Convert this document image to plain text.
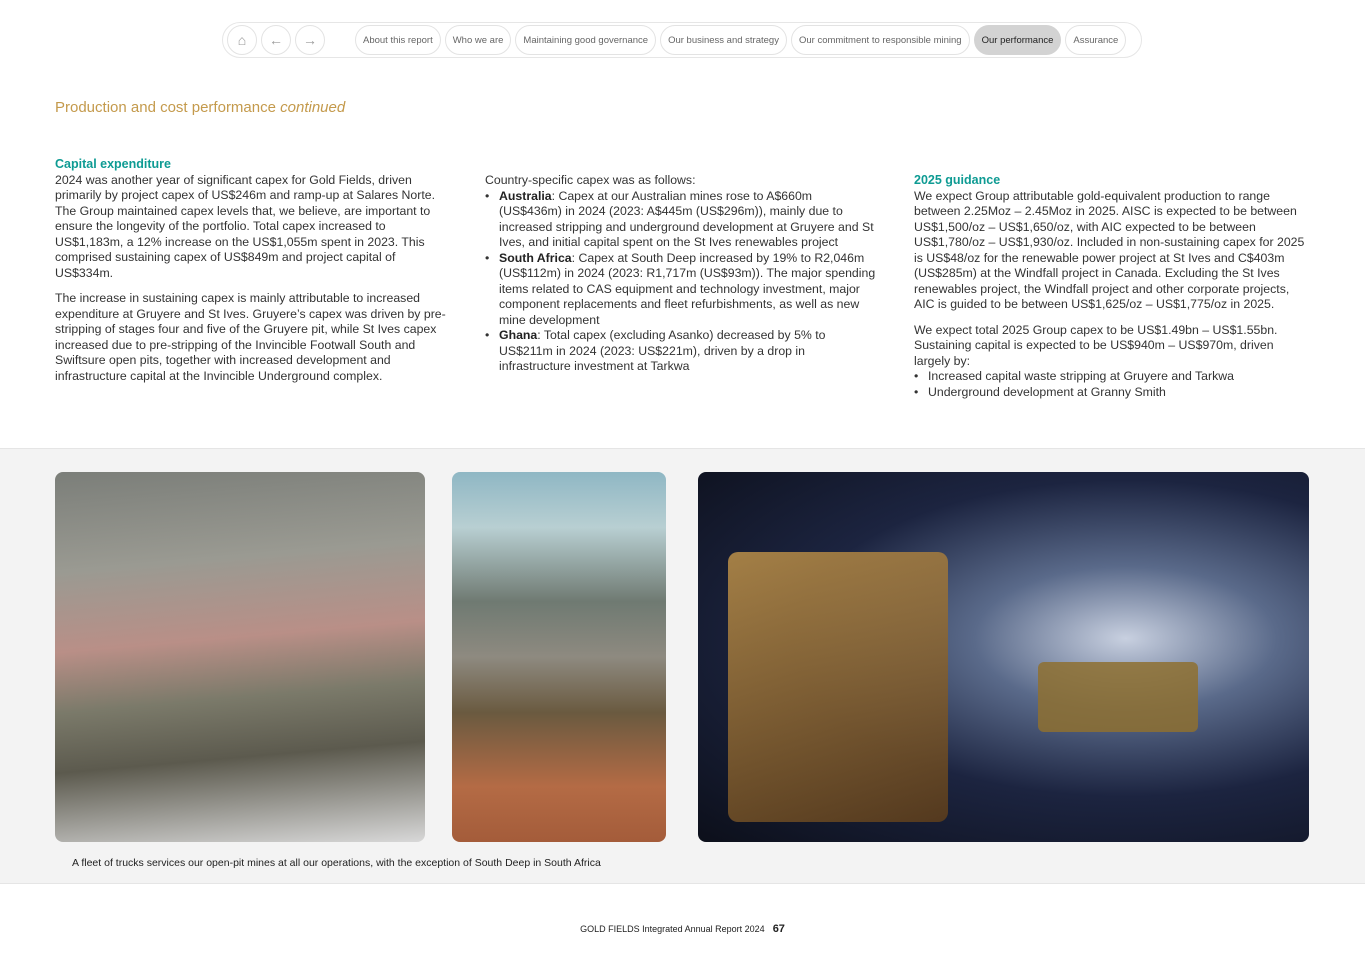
⌂ ← →	About this report	Who we are	Maintaining good governance	Our business and strategy	Our commitment to responsible mining	Our performance	Assurance
Production and cost performance continued
Capital expenditure

2024 was another year of significant capex for Gold Fields, driven primarily by project capex of US$246m and ramp-up at Salares Norte. The Group maintained capex levels that, we believe, are important to ensure the longevity of the portfolio. Total capex increased to US$1,183m, a 12% increase on the US$1,055m spent in 2023. This comprised sustaining capex of US$849m and project capital of US$334m.

The increase in sustaining capex is mainly attributable to increased expenditure at Gruyere and St Ives. Gruyere’s capex was driven by pre-stripping of stages four and five of the Gruyere pit, while St Ives capex increased due to pre-stripping of the Invincible Footwall South and Swiftsure open pits, together with increased development and infrastructure capital at the Invincible Underground complex.

Country-specific capex was as follows:
• Australia: Capex at our Australian mines rose to A$660m (US$436m) in 2024 (2023: A$445m (US$296m)), mainly due to increased stripping and underground development at Gruyere and St Ives, and initial capital spent on the St Ives renewables project
• South Africa: Capex at South Deep increased by 19% to R2,046m (US$112m) in 2024 (2023: R1,717m (US$93m)). The major spending items related to CAS equipment and technology investment, major component replacements and fleet refurbishments, as well as new mine development
• Ghana: Total capex (excluding Asanko) decreased by 5% to US$211m in 2024 (2023: US$221m), driven by a drop in infrastructure investment at Tarkwa
2025 guidance

We expect Group attributable gold-equivalent production to range between 2.25Moz – 2.45Moz in 2025. AISC is expected to be between US$1,500/oz – US$1,650/oz, with AIC expected to be between US$1,780/oz – US$1,930/oz. Included in non-sustaining capex for 2025 is US$48/oz for the renewable power project at St Ives and C$403m (US$285m) at the Windfall project in Canada. Excluding the St Ives renewables project, the Windfall project and other corporate projects, AIC is guided to be between US$1,625/oz – US$1,775/oz in 2025.

We expect total 2025 Group capex to be US$1.49bn – US$1.55bn. Sustaining capital is expected to be US$940m – US$970m, driven largely by:
• Increased capital waste stripping at Gruyere and Tarkwa
• Underground development at Granny Smith
A fleet of trucks services our open-pit mines at all our operations, with the exception of South Deep in South Africa
GOLD FIELDS Integrated Annual Report 2024 67
